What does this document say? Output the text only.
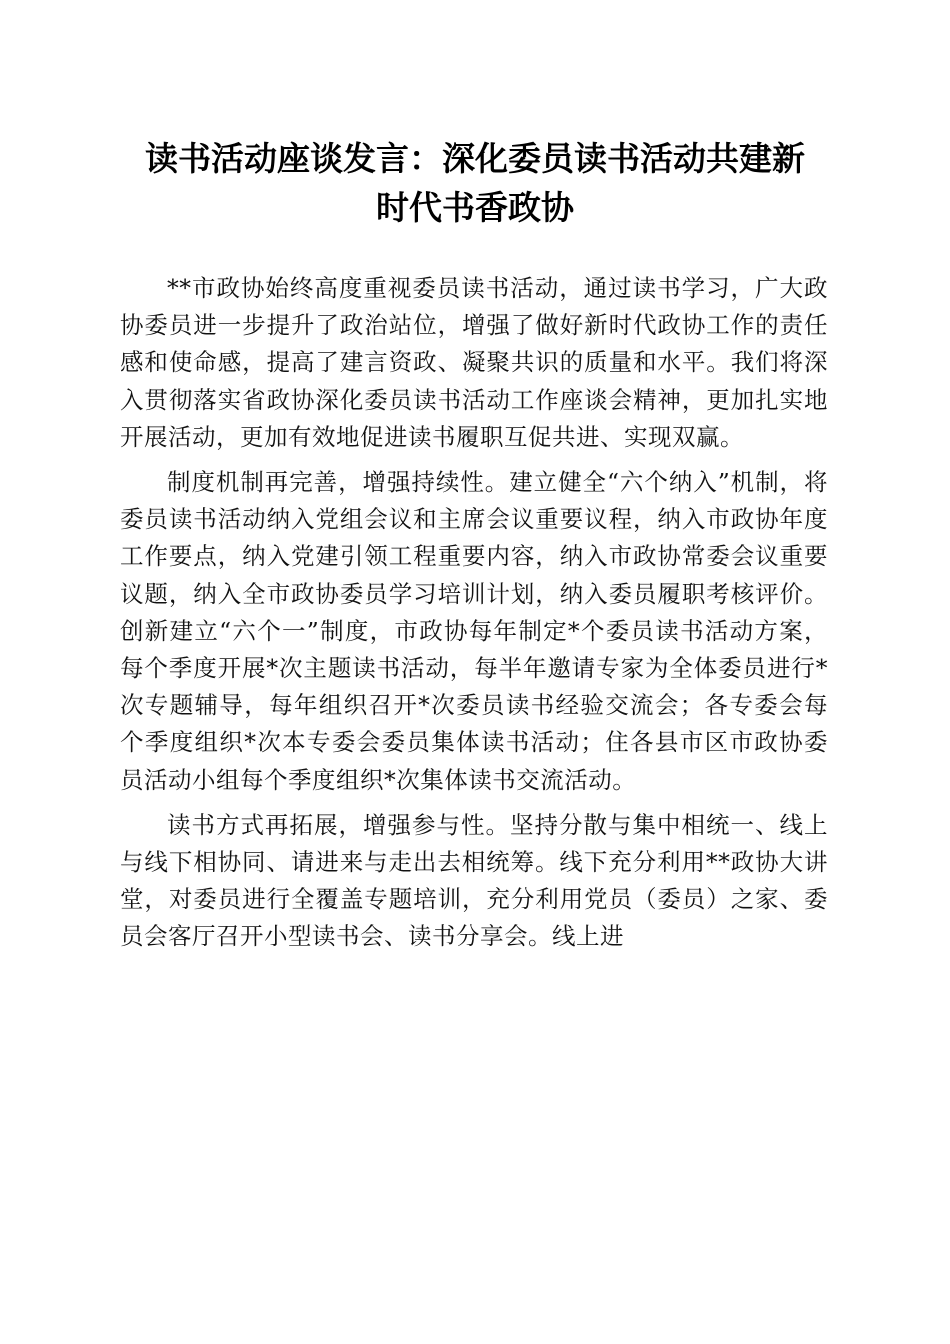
读书活动座谈发言：深化委员读书活动共建新
时代书香政协

**市政协始终高度重视委员读书活动，通过读书学习，广大政协委员进一步提升了政治站位，增强了做好新时代政协工作的责任感和使命感，提高了建言资政、凝聚共识的质量和水平。我们将深入贯彻落实省政协深化委员读书活动工作座谈会精神，更加扎实地开展活动，更加有效地促进读书履职互促共进、实现双赢。

制度机制再完善，增强持续性。建立健全“六个纳入”机制，将委员读书活动纳入党组会议和主席会议重要议程，纳入市政协年度工作要点，纳入党建引领工程重要内容，纳入市政协常委会议重要议题，纳入全市政协委员学习培训计划，纳入委员履职考核评价。创新建立“六个一”制度，市政协每年制定*个委员读书活动方案，每个季度开展*次主题读书活动，每半年邀请专家为全体委员进行*次专题辅导，每年组织召开*次委员读书经验交流会；各专委会每个季度组织*次本专委会委员集体读书活动；住各县市区市政协委员活动小组每个季度组织*次集体读书交流活动。

读书方式再拓展，增强参与性。坚持分散与集中相统一、线上与线下相协同、请进来与走出去相统筹。线下充分利用**政协大讲堂，对委员进行全覆盖专题培训，充分利用党员（委员）之家、委员会客厅召开小型读书会、读书分享会。线上进
